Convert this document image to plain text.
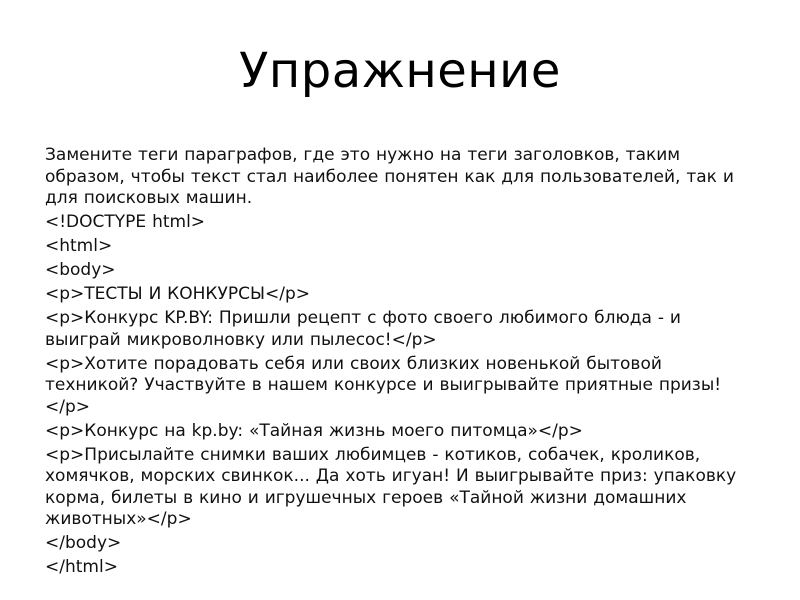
Упражнение

Замените теги параграфов, где это нужно на теги заголовков, таким образом, чтобы текст стал наиболее понятен как для пользователей, так и для поисковых машин.

<!DOCTYPE html>

<html>

<body>

<p>ТЕСТЫ И КОНКУРСЫ</p>

<p>Конкурс KP.BY: Пришли рецепт с фото своего любимого блюда - и выиграй микроволновку или пылесос!</p>

<p>Хотите порадовать себя или своих близких новенькой бытовой техникой? Участвуйте в нашем конкурсе и выигрывайте приятные призы!</p>

<p>Конкурс на kp.by: «Тайная жизнь моего питомца»</p>

<p>Присылайте снимки ваших любимцев - котиков, собачек, кроликов, хомячков, морских свинкок... Да хоть игуан! И выигрывайте приз: упаковку корма, билеты в кино и игрушечных героев «Тайной жизни домашних животных»</p>

</body>

</html>
